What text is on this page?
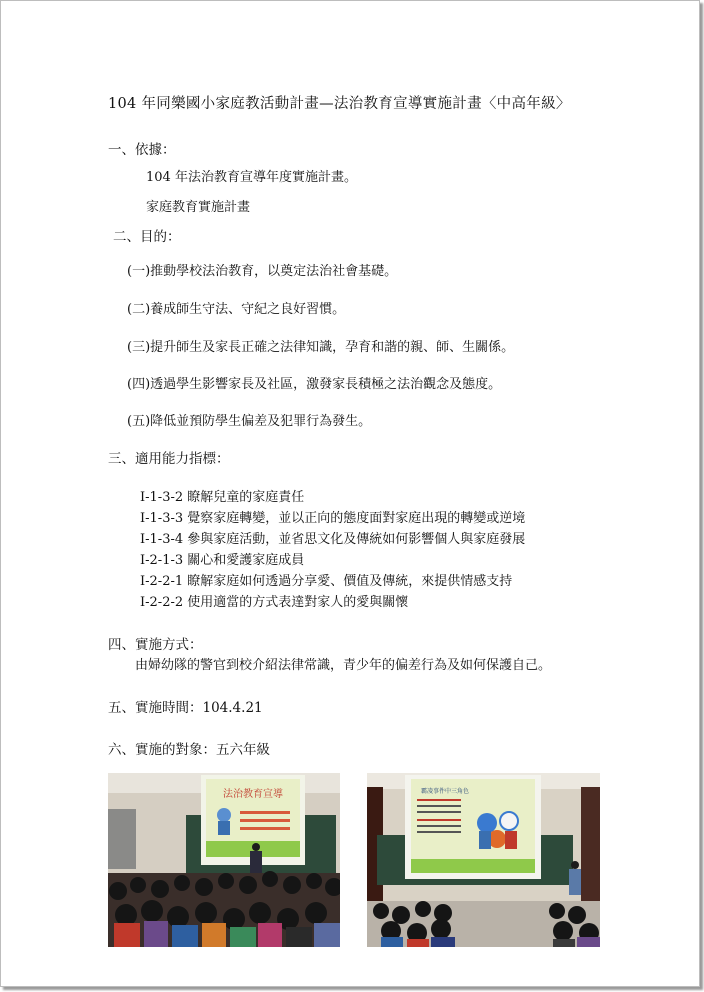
104 年同樂國小家庭教活動計畫—法治教育宣導實施計畫〈中高年級〉
一、依據：
104 年法治教育宣導年度實施計畫。
家庭教育實施計畫
二、目的：
(一)推動學校法治教育，以奠定法治社會基礎。
(二)養成師生守法、守紀之良好習慣。
(三)提升師生及家長正確之法律知識，孕育和諧的親、師、生關係。
(四)透過學生影響家長及社區，激發家長積極之法治觀念及態度。
(五)降低並預防學生偏差及犯罪行為發生。
三、適用能力指標：
I-1-3-2 瞭解兒童的家庭責任
I-1-3-3 覺察家庭轉變，並以正向的態度面對家庭出現的轉變或逆境
I-1-3-4 參與家庭活動，並省思文化及傳統如何影響個人與家庭發展
I-2-1-3 關心和愛護家庭成員
I-2-2-1 瞭解家庭如何透過分享愛、價值及傳統，來提供情感支持
I-2-2-2 使用適當的方式表達對家人的愛與關懷
四、實施方式：
由婦幼隊的警官到校介紹法律常識，青少年的偏差行為及如何保護自己。
五、實施時間：104.4.21
六、實施的對象：五六年級
法治教育宣導	霸凌事件中三角色
